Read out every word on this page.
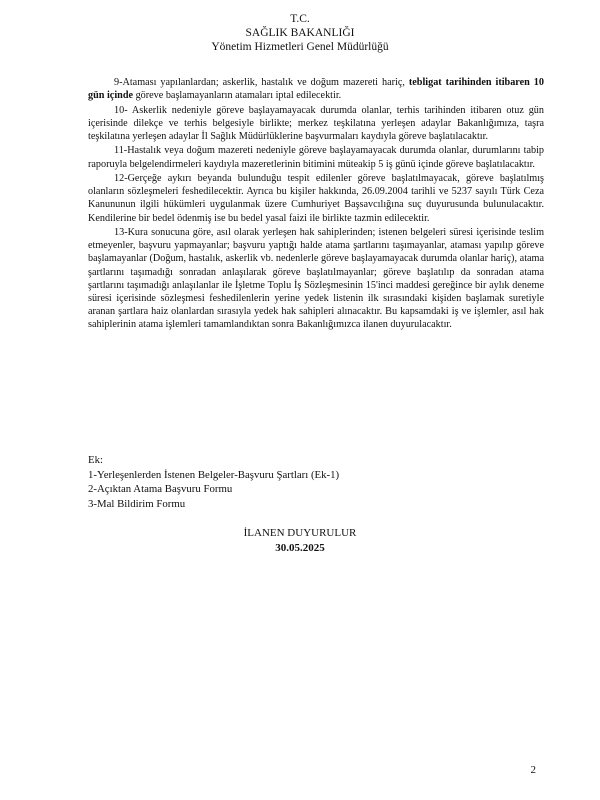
T.C.
SAĞLIK BAKANLIĞI
Yönetim Hizmetleri Genel Müdürlüğü

9-Ataması yapılanlardan; askerlik, hastalık ve doğum mazereti hariç, tebligat tarihinden itibaren 10 gün içinde göreve başlamayanların atamaları iptal edilecektir.

10- Askerlik nedeniyle göreve başlayamayacak durumda olanlar, terhis tarihinden itibaren otuz gün içerisinde dilekçe ve terhis belgesiyle birlikte; merkez teşkilatına yerleşen adaylar Bakanlığımıza, taşra teşkilatına yerleşen adaylar İl Sağlık Müdürlüklerine başvurmaları kaydıyla göreve başlatılacaktır.

11-Hastalık veya doğum mazereti nedeniyle göreve başlayamayacak durumda olanlar, durumlarını tabip raporuyla belgelendirmeleri kaydıyla mazeretlerinin bitimini müteakip 5 iş günü içinde göreve başlatılacaktır.

12-Gerçeğe aykırı beyanda bulunduğu tespit edilenler göreve başlatılmayacak, göreve başlatılmış olanların sözleşmeleri feshedilecektir. Ayrıca bu kişiler hakkında, 26.09.2004 tarihli ve 5237 sayılı Türk Ceza Kanununun ilgili hükümleri uygulanmak üzere Cumhuriyet Başsavcılığına suç duyurusunda bulunulacaktır. Kendilerine bir bedel ödenmiş ise bu bedel yasal faizi ile birlikte tazmin edilecektir.

13-Kura sonucuna göre, asıl olarak yerleşen hak sahiplerinden; istenen belgeleri süresi içerisinde teslim etmeyenler, başvuru yapmayanlar; başvuru yaptığı halde atama şartlarını taşımayanlar, ataması yapılıp göreve başlamayanlar (Doğum, hastalık, askerlik vb. nedenlerle göreve başlayamayacak durumda olanlar hariç), atama şartlarını taşımadığı sonradan anlaşılarak göreve başlatılmayanlar; göreve başlatılıp da sonradan atama şartlarını taşımadığı anlaşılanlar ile İşletme Toplu İş Sözleşmesinin 15'inci maddesi gereğince bir aylık deneme süresi içerisinde sözleşmesi feshedilenlerin yerine yedek listenin ilk sırasındaki kişiden başlamak suretiyle aranan şartlara haiz olanlardan sırasıyla yedek hak sahipleri alınacaktır. Bu kapsamdaki iş ve işlemler, asıl hak sahiplerinin atama işlemleri tamamlandıktan sonra Bakanlığımızca ilanen duyurulacaktır.

Ek:
1-Yerleşenlerden İstenen Belgeler-Başvuru Şartları (Ek-1)
2-Açıktan Atama Başvuru Formu
3-Mal Bildirim Formu
İLANEN DUYURULUR
30.05.2025
2
